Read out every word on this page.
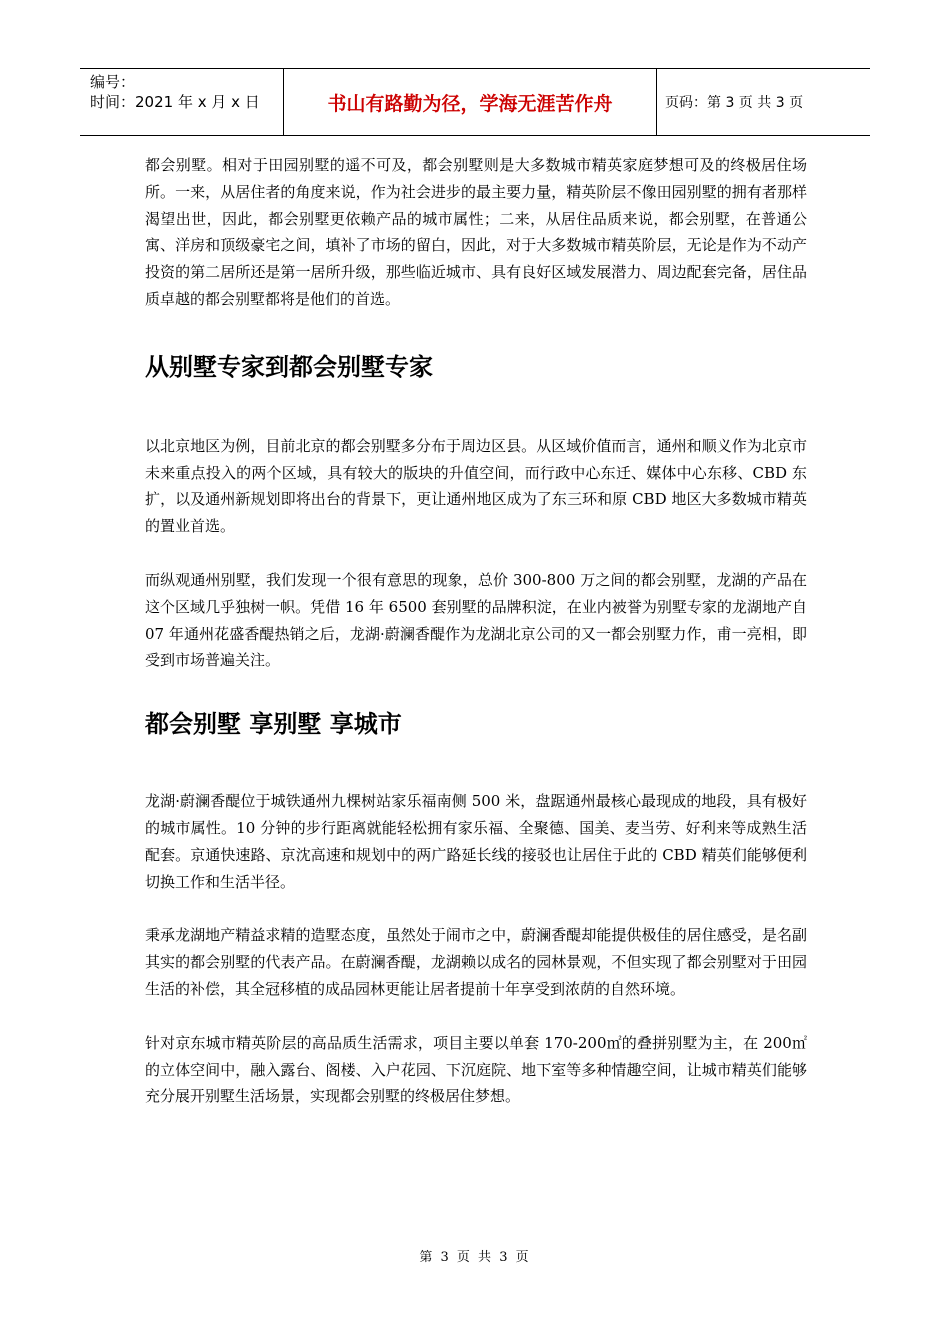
编号：
时间：2021 年 x 月 x 日	书山有路勤为径，学海无涯苦作舟	页码：第 3 页 共 3 页

都会别墅。相对于田园别墅的遥不可及，都会别墅则是大多数城市精英家庭梦想可及的终极居住场所。一来，从居住者的角度来说，作为社会进步的最主要力量，精英阶层不像田园别墅的拥有者那样渴望出世，因此，都会别墅更依赖产品的城市属性；二来，从居住品质来说，都会别墅，在普通公寓、洋房和顶级豪宅之间，填补了市场的留白，因此，对于大多数城市精英阶层，无论是作为不动产投资的第二居所还是第一居所升级，那些临近城市、具有良好区域发展潜力、周边配套完备，居住品质卓越的都会别墅都将是他们的首选。

从别墅专家到都会别墅专家

以北京地区为例，目前北京的都会别墅多分布于周边区县。从区域价值而言，通州和顺义作为北京市未来重点投入的两个区域，具有较大的版块的升值空间，而行政中心东迁、媒体中心东移、CBD 东扩，以及通州新规划即将出台的背景下，更让通州地区成为了东三环和原 CBD 地区大多数城市精英的置业首选。

而纵观通州别墅，我们发现一个很有意思的现象，总价 300-800 万之间的都会别墅，龙湖的产品在这个区域几乎独树一帜。凭借 16 年 6500 套别墅的品牌积淀，在业内被誉为别墅专家的龙湖地产自 07 年通州花盛香醍热销之后，龙湖·蔚澜香醍作为龙湖北京公司的又一都会别墅力作，甫一亮相，即受到市场普遍关注。

都会别墅 享别墅 享城市

龙湖·蔚澜香醍位于城铁通州九棵树站家乐福南侧 500 米，盘踞通州最核心最现成的地段，具有极好的城市属性。10 分钟的步行距离就能轻松拥有家乐福、全聚德、国美、麦当劳、好利来等成熟生活配套。京通快速路、京沈高速和规划中的两广路延长线的接驳也让居住于此的 CBD 精英们能够便利切换工作和生活半径。

秉承龙湖地产精益求精的造墅态度，虽然处于闹市之中，蔚澜香醍却能提供极佳的居住感受，是名副其实的都会别墅的代表产品。在蔚澜香醍，龙湖赖以成名的园林景观，不但实现了都会别墅对于田园生活的补偿，其全冠移植的成品园林更能让居者提前十年享受到浓荫的自然环境。

针对京东城市精英阶层的高品质生活需求，项目主要以单套 170-200㎡的叠拼别墅为主，在 200㎡的立体空间中，融入露台、阁楼、入户花园、下沉庭院、地下室等多种情趣空间，让城市精英们能够充分展开别墅生活场景，实现都会别墅的终极居住梦想。

第 3 页 共 3 页
